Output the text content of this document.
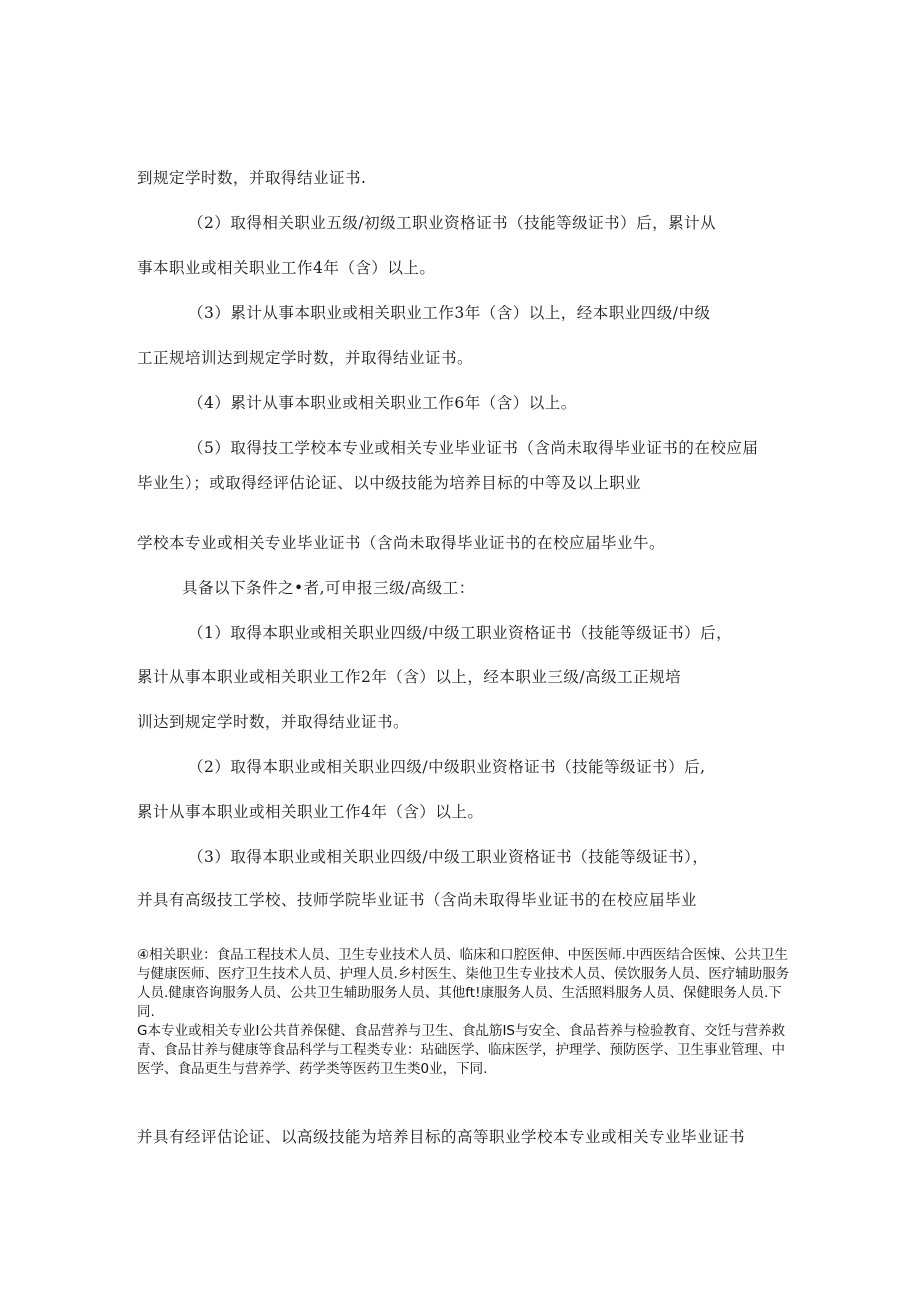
到规定学时数，并取得结业证书.
（2）取得相关职业五级/初级工职业资格证书（技能等级证书）后，累计从
事本职业或相关职业工作4年（含）以上。
（3）累计从事本职业或相关职业工作3年（含）以上，经本职业四级/中级
工正规培训达到规定学时数，并取得结业证书。
（4）累计从事本职业或相关职业工作6年（含）以上。
（5）取得技工学校本专业或相关专业毕业证书（含尚未取得毕业证书的在校应届
毕业生）；或取得经评估论证、以中级技能为培养目标的中等及以上职业
学校本专业或相关专业毕业证书（含尚未取得毕业证书的在校应届毕业牛。
具备以下条件之•者,可申报三级/高级工：
（1）取得本职业或相关职业四级/中级工职业资格证书（技能等级证书）后，
累计从事本职业或相关职业工作2年（含）以上，经本职业三级/高级工正规培
训达到规定学时数，并取得结业证书。
（2）取得本职业或相关职业四级/中级职业资格证书（技能等级证书）后,
累计从事本职业或相关职业工作4年（含）以上。
（3）取得本职业或相关职业四级/中级工职业资格证书（技能等级证书），
并具有高级技工学校、技师学院毕业证书（含尚未取得毕业证书的在校应届毕业

④相关职业：食品工程技术人员、卫生专业技术人员、临床和口腔医伸、中医医师.中西医结合医悚、公共卫生与健康医师、医疗卫生技术人员、护理人员.乡村医生、柒他卫生专业技术人员、侯饮服务人员、医疗辅助服务人员.健康咨询服务人员、公共卫生辅助服务人员、其他ft!康服务人员、生活照料服务人员、保健眼务人员.下同.

G本专业或相关专业I公共苜养保健、食品营养与卫生、食乩筋IS与安全、食品苔养与检验教育、交饪与营养救青、食品甘养与健康等食品科学与工程类专业：玷础医学、临床医学，护理学、预防医学、卫生事业管理、中医学、食品更生与营养学、药学类等医药卫生类0业，下同.

并具有经评估论证、以高级技能为培养目标的高等职业学校本专业或相关专业毕业证书
